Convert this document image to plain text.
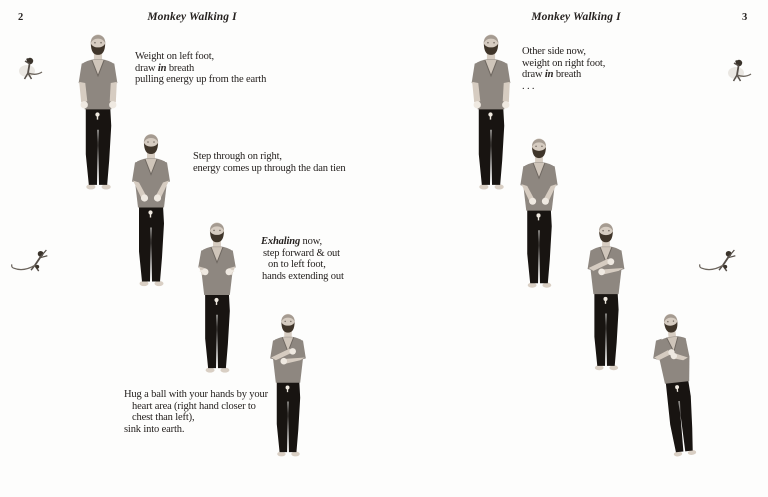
2	Monkey Walking I
Weight on left foot,
draw in breath
pulling energy up from the earth
Step through on right,
energy comes up through the dan tien
Exhaling now,
step forward & out
on to left foot,
hands extending out
Hug a ball with your hands by your
heart area (right hand closer to
chest than left),
sink into earth.
3
Monkey Walking I
Other side now,
weight on right foot,
draw in breath
. . .
